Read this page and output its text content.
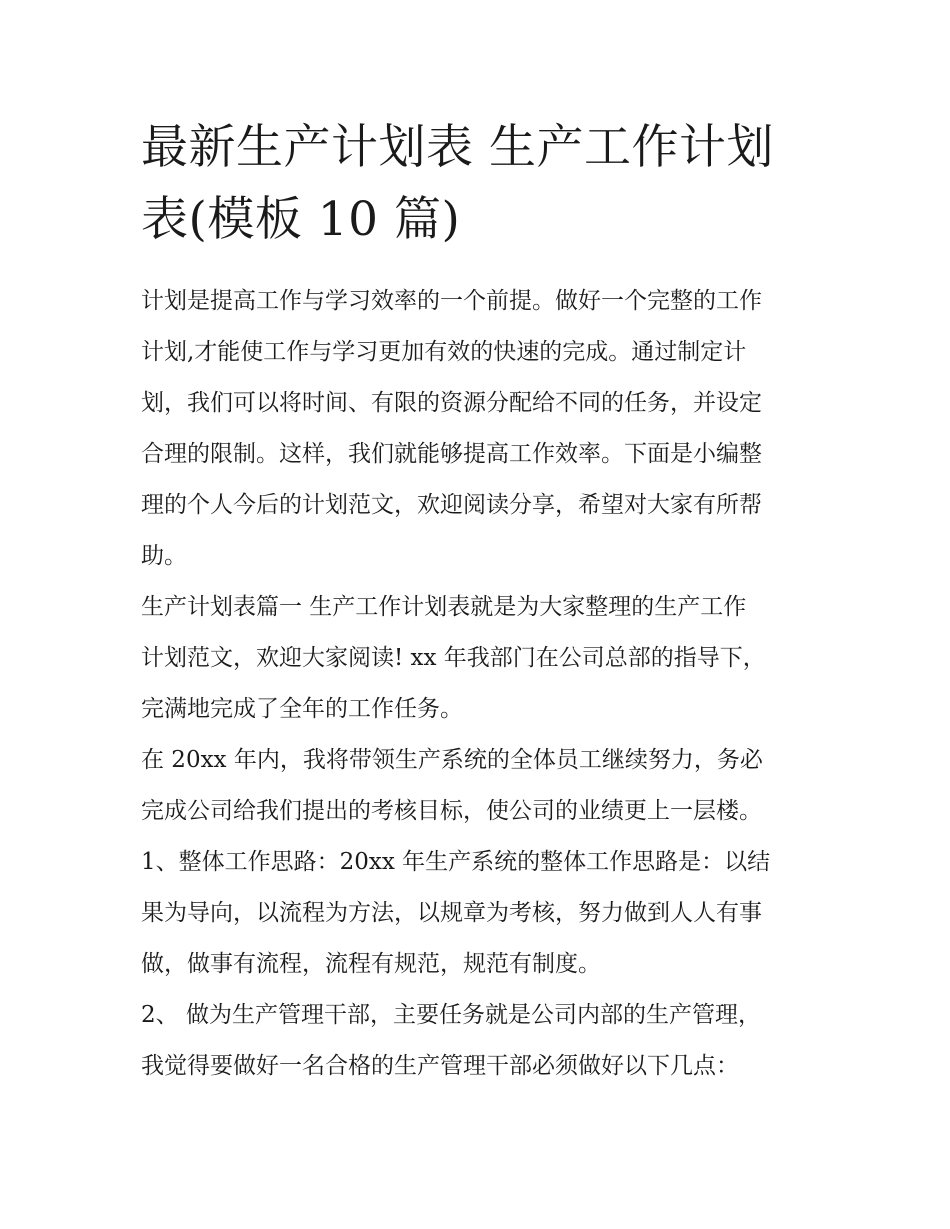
最新生产计划表 生产工作计划
表(模板 10 篇)

计划是提高工作与学习效率的一个前提。做好一个完整的工作
计划,才能使工作与学习更加有效的快速的完成。通过制定计
划，我们可以将时间、有限的资源分配给不同的任务，并设定
合理的限制。这样，我们就能够提高工作效率。下面是小编整
理的个人今后的计划范文，欢迎阅读分享，希望对大家有所帮
助。

生产计划表篇一 生产工作计划表就是为大家整理的生产工作
计划范文，欢迎大家阅读! xx 年我部门在公司总部的指导下，
完满地完成了全年的工作任务。

在 20xx 年内，我将带领生产系统的全体员工继续努力，务必
完成公司给我们提出的考核目标，使公司的业绩更上一层楼。

1、整体工作思路：20xx 年生产系统的整体工作思路是：以结
果为导向，以流程为方法，以规章为考核，努力做到人人有事
做，做事有流程，流程有规范，规范有制度。

2、 做为生产管理干部，主要任务就是公司内部的生产管理，
我觉得要做好一名合格的生产管理干部必须做好以下几点：
